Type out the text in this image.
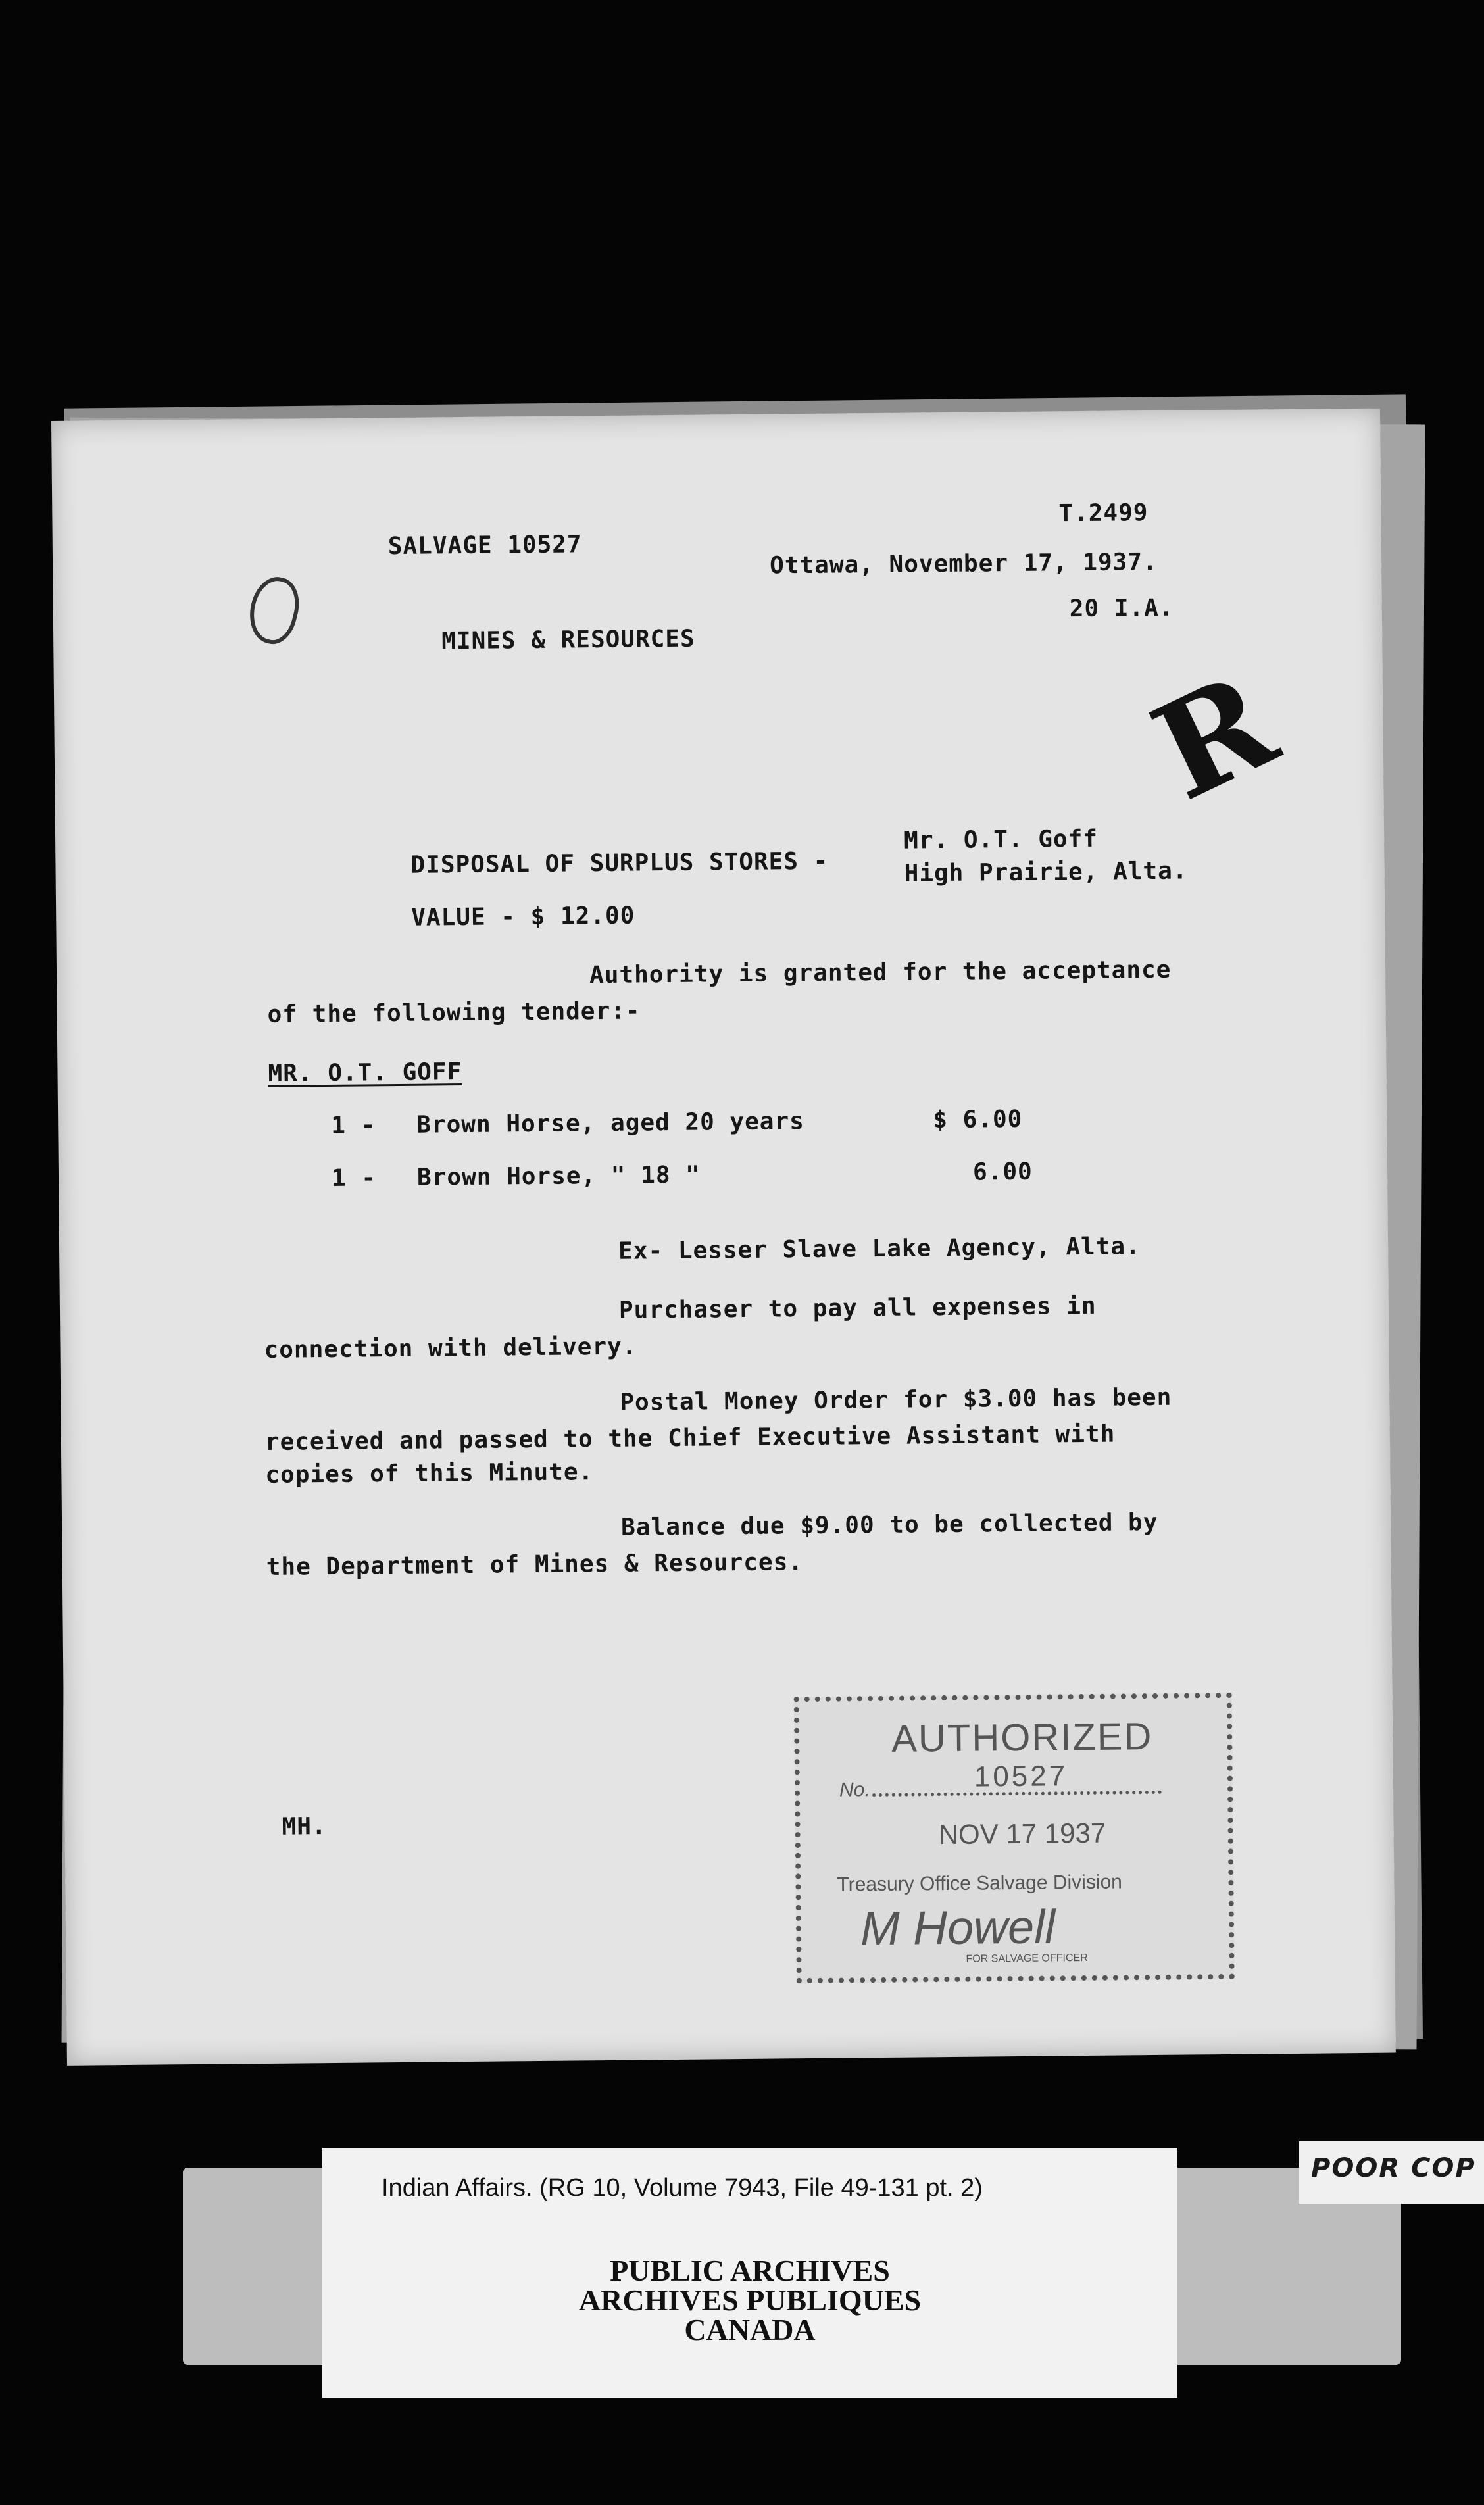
R
SALVAGE 10527
T.2499
Ottawa, November 17, 1937.
MINES & RESOURCES
20 I.A.
DISPOSAL OF SURPLUS STORES -
Mr. O.T. Goff
High Prairie, Alta.
VALUE - $ 12.00
Authority is granted for the acceptance
of the following tender:-
MR. O.T. GOFF
1 - Brown Horse, aged 20 years	$ 6.00
1 - Brown Horse, " 18 "	6.00
Ex- Lesser Slave Lake Agency, Alta.
Purchaser to pay all expenses in
connection with delivery.
Postal Money Order for $3.00 has been
received and passed to the Chief Executive Assistant with
copies of this Minute.
Balance due $9.00 to be collected by
the Department of Mines & Resources.
MH.
AUTHORIZED
No.	10527
NOV 17 1937
Treasury Office Salvage Division
M Howell
FOR SALVAGE OFFICER
Indian Affairs. (RG 10, Volume 7943, File 49-131 pt. 2)
PUBLIC ARCHIVES
ARCHIVES PUBLIQUES
CANADA
POOR COP
